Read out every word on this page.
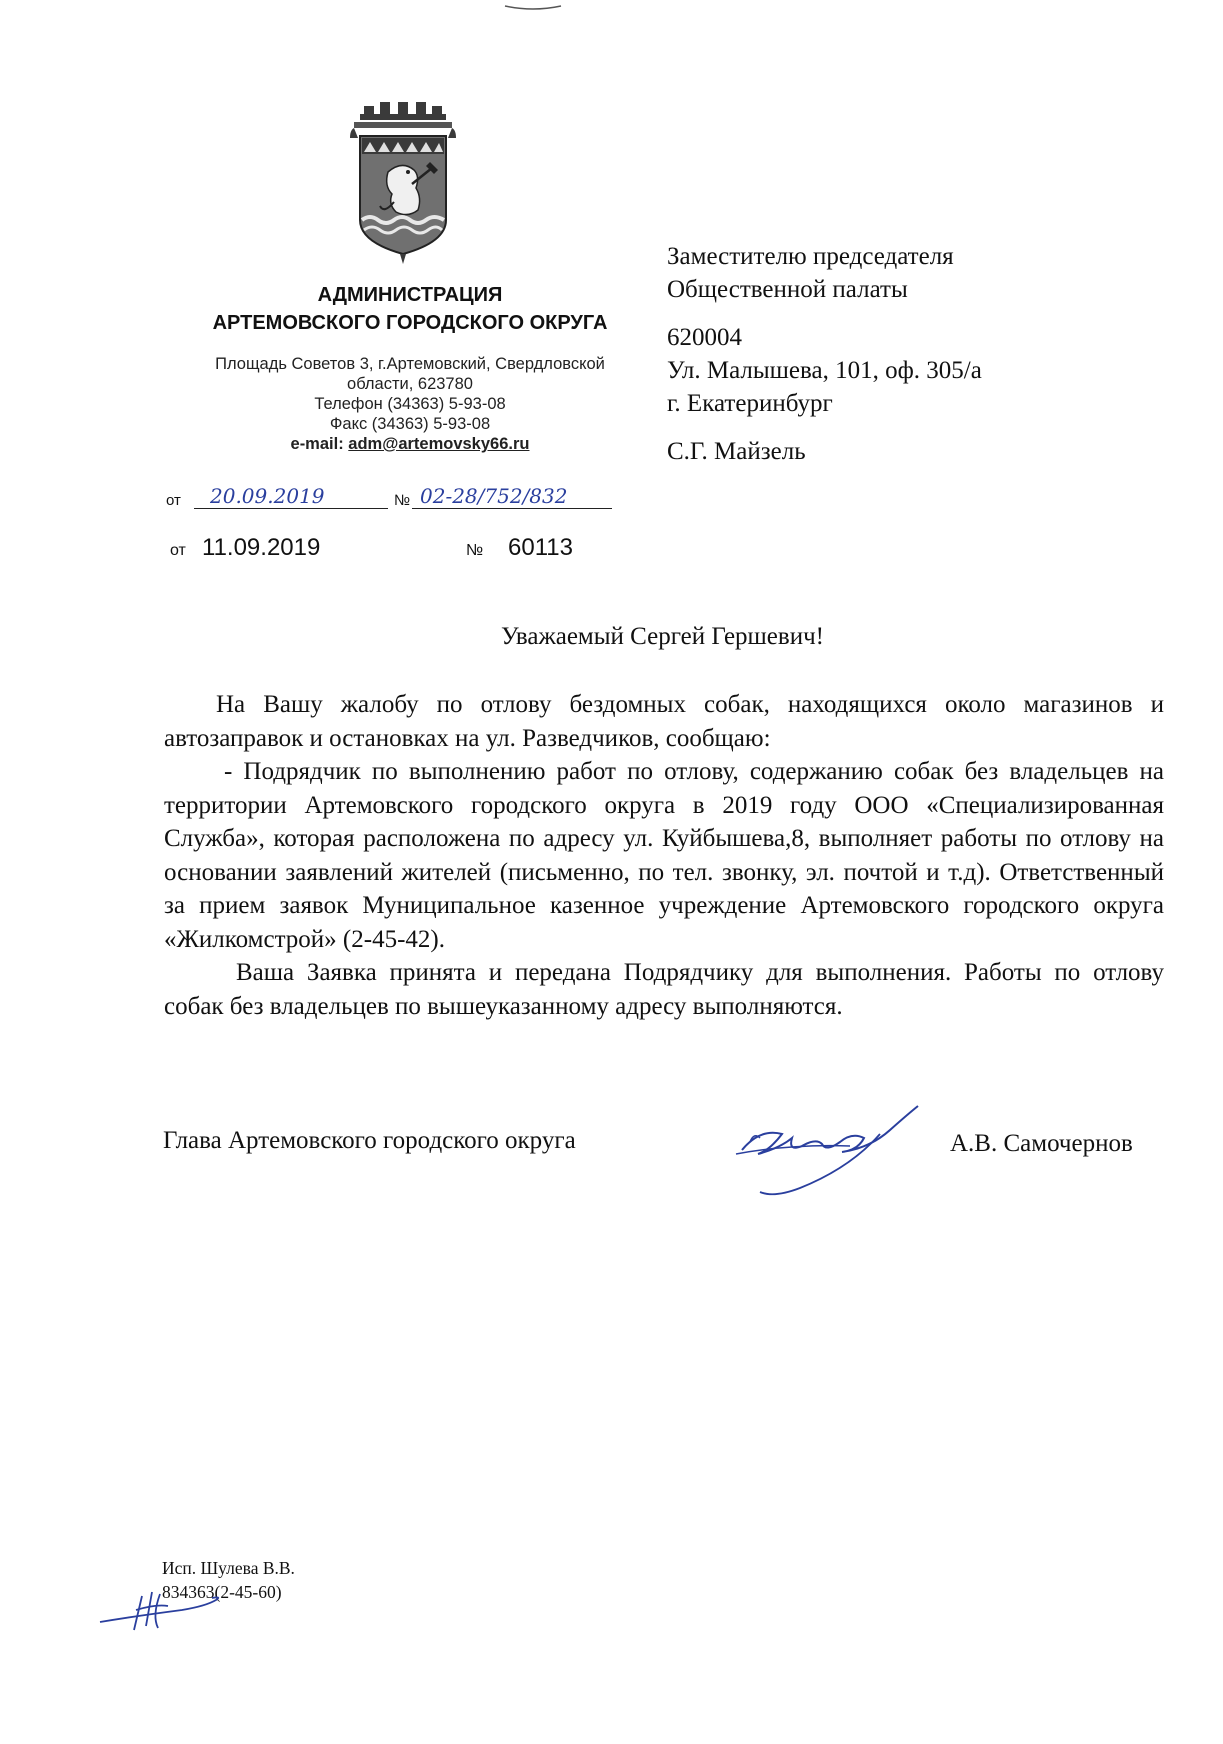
АДМИНИСТРАЦИЯ
АРТЕМОВСКОГО ГОРОДСКОГО ОКРУГА
Площадь Советов 3, г.Артемовский, Свердловской
области, 623780
Телефон (34363) 5-93-08
Факс (34363) 5-93-08
e-mail: adm@artemovsky66.ru
от 20.09.2019	№ 02-28/752/832
от 11.09.2019	№ 60113
Заместителю председателя
Общественной палаты
620004
Ул. Малышева, 101, оф. 305/а
г. Екатеринбург
С.Г. Майзель
Уважаемый Сергей Гершевич!

На Вашу жалобу по отлову бездомных собак, находящихся около магазинов и автозаправок и остановках на ул. Разведчиков, сообщаю:

- Подрядчик по выполнению работ по отлову, содержанию собак без владельцев на территории Артемовского городского округа в 2019 году ООО «Специализированная Служба», которая расположена по адресу ул. Куйбышева,8, выполняет работы по отлову на основании заявлений жителей (письменно, по тел. звонку, эл. почтой и т.д). Ответственный за прием заявок Муниципальное казенное учреждение Артемовского городского округа «Жилкомстрой» (2-45-42).

Ваша Заявка принята и передана Подрядчику для выполнения. Работы по отлову собак без владельцев по вышеуказанному адресу выполняются.

Глава Артемовского городского округа	А.В. Самочернов
Исп. Шулева В.В.
834363(2-45-60)
